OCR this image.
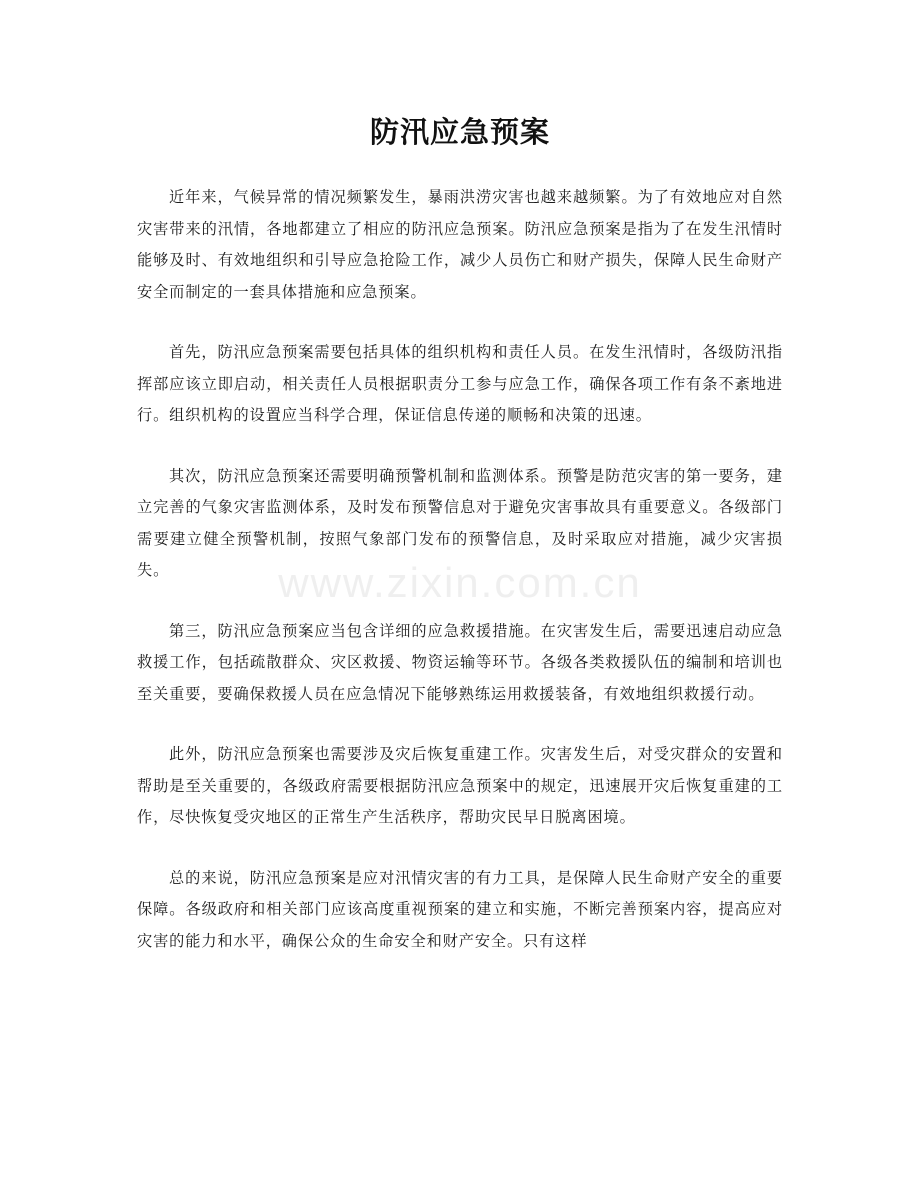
防汛应急预案
www.zixin.com.cn

近年来，气候异常的情况频繁发生，暴雨洪涝灾害也越来越频繁。为了有效地应对自然灾害带来的汛情，各地都建立了相应的防汛应急预案。防汛应急预案是指为了在发生汛情时能够及时、有效地组织和引导应急抢险工作，减少人员伤亡和财产损失，保障人民生命财产安全而制定的一套具体措施和应急预案。

首先，防汛应急预案需要包括具体的组织机构和责任人员。在发生汛情时，各级防汛指挥部应该立即启动，相关责任人员根据职责分工参与应急工作，确保各项工作有条不紊地进行。组织机构的设置应当科学合理，保证信息传递的顺畅和决策的迅速。

其次，防汛应急预案还需要明确预警机制和监测体系。预警是防范灾害的第一要务，建立完善的气象灾害监测体系，及时发布预警信息对于避免灾害事故具有重要意义。各级部门需要建立健全预警机制，按照气象部门发布的预警信息，及时采取应对措施，减少灾害损失。

第三，防汛应急预案应当包含详细的应急救援措施。在灾害发生后，需要迅速启动应急救援工作，包括疏散群众、灾区救援、物资运输等环节。各级各类救援队伍的编制和培训也至关重要，要确保救援人员在应急情况下能够熟练运用救援装备，有效地组织救援行动。

此外，防汛应急预案也需要涉及灾后恢复重建工作。灾害发生后，对受灾群众的安置和帮助是至关重要的，各级政府需要根据防汛应急预案中的规定，迅速展开灾后恢复重建的工作，尽快恢复受灾地区的正常生产生活秩序，帮助灾民早日脱离困境。

总的来说，防汛应急预案是应对汛情灾害的有力工具，是保障人民生命财产安全的重要保障。各级政府和相关部门应该高度重视预案的建立和实施，不断完善预案内容，提高应对灾害的能力和水平，确保公众的生命安全和财产安全。只有这样
